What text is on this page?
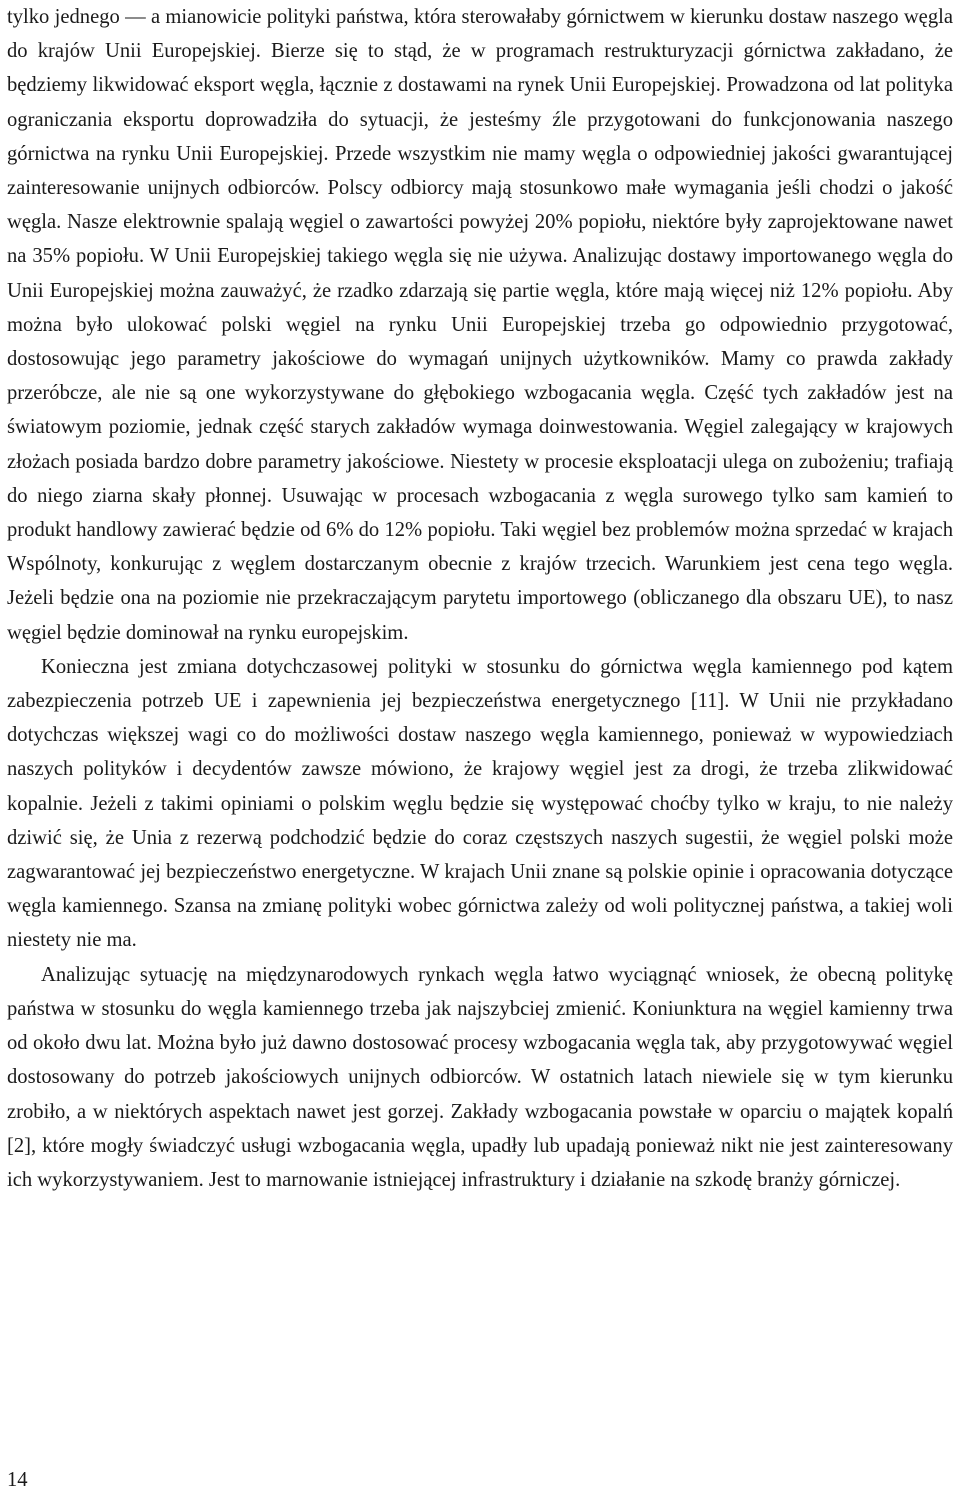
tylko jednego — a mianowicie polityki państwa, która sterowałaby górnictwem w kierunku dostaw naszego węgla do krajów Unii Europejskiej. Bierze się to stąd, że w programach restrukturyzacji górnictwa zakładano, że będziemy likwidować eksport węgla, łącznie z dostawami na rynek Unii Europejskiej. Prowadzona od lat polityka ograniczania eksportu doprowadziła do sytuacji, że jesteśmy źle przygotowani do funkcjonowania naszego górnictwa na rynku Unii Europejskiej. Przede wszystkim nie mamy węgla o odpowiedniej jakości gwarantującej zainteresowanie unijnych odbiorców. Polscy odbiorcy mają stosunkowo małe wymagania jeśli chodzi o jakość węgla. Nasze elektrownie spalają węgiel o zawartości powyżej 20% popiołu, niektóre były zaprojektowane nawet na 35% popiołu. W Unii Europejskiej takiego węgla się nie używa. Analizując dostawy importowanego węgla do Unii Europejskiej można zauważyć, że rzadko zdarzają się partie węgla, które mają więcej niż 12% popiołu. Aby można było ulokować polski węgiel na rynku Unii Europejskiej trzeba go odpowiednio przygotować, dostosowując jego parametry jakościowe do wymagań unijnych użytkowników. Mamy co prawda zakłady przeróbcze, ale nie są one wykorzystywane do głębokiego wzbogacania węgla. Część tych zakładów jest na światowym poziomie, jednak część starych zakładów wymaga doinwestowania. Węgiel zalegający w krajowych złożach posiada bardzo dobre parametry jakościowe. Niestety w procesie eksploatacji ulega on zubożeniu; trafiają do niego ziarna skały płonnej. Usuwając w procesach wzbogacania z węgla surowego tylko sam kamień to produkt handlowy zawierać będzie od 6% do 12% popiołu. Taki węgiel bez problemów można sprzedać w krajach Wspólnoty, konkurując z węglem dostarczanym obecnie z krajów trzecich. Warunkiem jest cena tego węgla. Jeżeli będzie ona na poziomie nie przekraczającym parytetu importowego (obliczanego dla obszaru UE), to nasz węgiel będzie dominował na rynku europejskim.

Konieczna jest zmiana dotychczasowej polityki w stosunku do górnictwa węgla kamiennego pod kątem zabezpieczenia potrzeb UE i zapewnienia jej bezpieczeństwa energetycznego [11]. W Unii nie przykładano dotychczas większej wagi co do możliwości dostaw naszego węgla kamiennego, ponieważ w wypowiedziach naszych polityków i decydentów zawsze mówiono, że krajowy węgiel jest za drogi, że trzeba zlikwidować kopalnie. Jeżeli z takimi opiniami o polskim węglu będzie się występować choćby tylko w kraju, to nie należy dziwić się, że Unia z rezerwą podchodzić będzie do coraz częstszych naszych sugestii, że węgiel polski może zagwarantować jej bezpieczeństwo energetyczne. W krajach Unii znane są polskie opinie i opracowania dotyczące węgla kamiennego. Szansa na zmianę polityki wobec górnictwa zależy od woli politycznej państwa, a takiej woli niestety nie ma.

Analizując sytuację na międzynarodowych rynkach węgla łatwo wyciągnąć wniosek, że obecną politykę państwa w stosunku do węgla kamiennego trzeba jak najszybciej zmienić. Koniunktura na węgiel kamienny trwa od około dwu lat. Można było już dawno dostosować procesy wzbogacania węgla tak, aby przygotowywać węgiel dostosowany do potrzeb jakościowych unijnych odbiorców. W ostatnich latach niewiele się w tym kierunku zrobiło, a w niektórych aspektach nawet jest gorzej. Zakłady wzbogacania powstałe w oparciu o majątek kopalń [2], które mogły świadczyć usługi wzbogacania węgla, upadły lub upadają ponieważ nikt nie jest zainteresowany ich wykorzystywaniem. Jest to marnowanie istniejącej infrastruktury i działanie na szkodę branży górniczej.

14
